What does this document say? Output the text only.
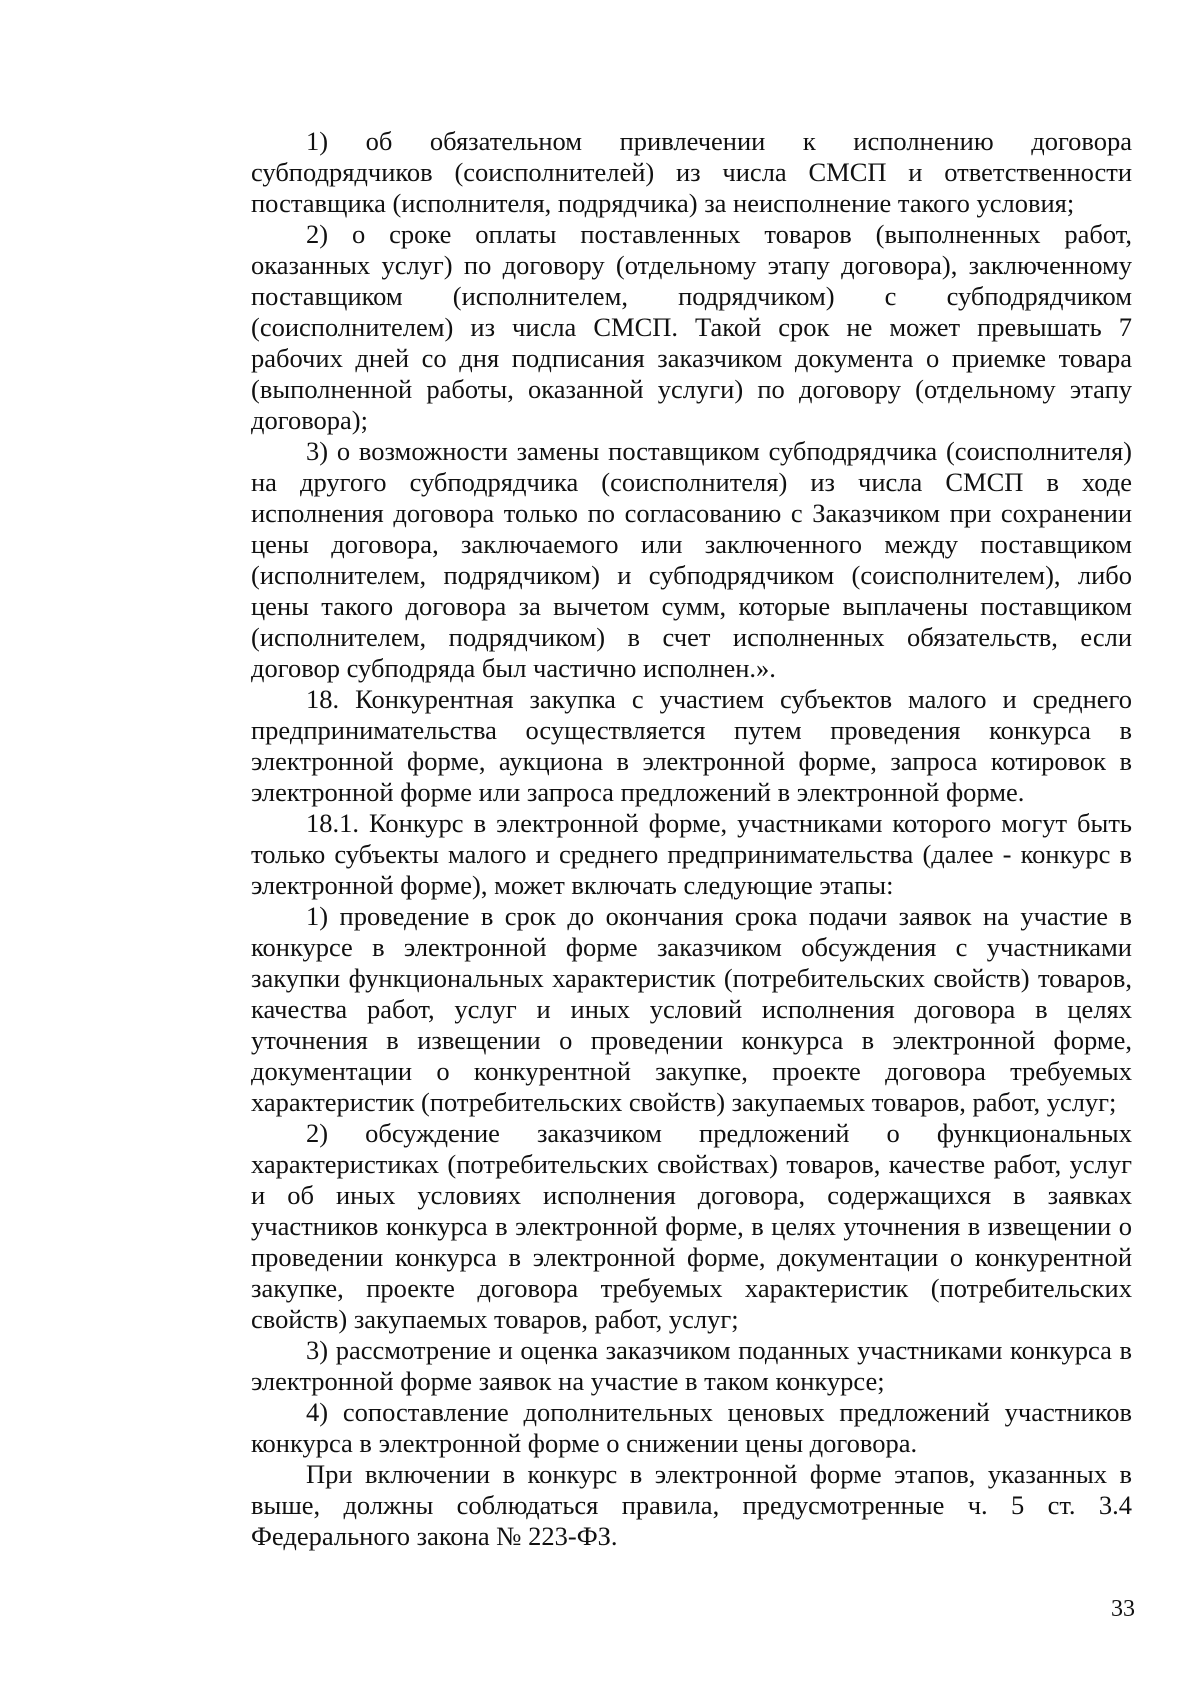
1) об обязательном привлечении к исполнению договора субподрядчиков (соисполнителей) из числа СМСП и ответственности поставщика (исполнителя, подрядчика) за неисполнение такого условия;

2) о сроке оплаты поставленных товаров (выполненных работ, оказанных услуг) по договору (отдельному этапу договора), заключенному поставщиком (исполнителем, подрядчиком) с субподрядчиком (соисполнителем) из числа СМСП. Такой срок не может превышать 7 рабочих дней со дня подписания заказчиком документа о приемке товара (выполненной работы, оказанной услуги) по договору (отдельному этапу договора);

3) о возможности замены поставщиком субподрядчика (соисполнителя) на другого субподрядчика (соисполнителя) из числа СМСП в ходе исполнения договора только по согласованию с Заказчиком при сохранении цены договора, заключаемого или заключенного между поставщиком (исполнителем, подрядчиком) и субподрядчиком (соисполнителем), либо цены такого договора за вычетом сумм, которые выплачены поставщиком (исполнителем, подрядчиком) в счет исполненных обязательств, если договор субподряда был частично исполнен.».

18. Конкурентная закупка с участием субъектов малого и среднего предпринимательства осуществляется путем проведения конкурса в электронной форме, аукциона в электронной форме, запроса котировок в электронной форме или запроса предложений в электронной форме.

18.1. Конкурс в электронной форме, участниками которого могут быть только субъекты малого и среднего предпринимательства (далее - конкурс в электронной форме), может включать следующие этапы:

1) проведение в срок до окончания срока подачи заявок на участие в конкурсе в электронной форме заказчиком обсуждения с участниками закупки функциональных характеристик (потребительских свойств) товаров, качества работ, услуг и иных условий исполнения договора в целях уточнения в извещении о проведении конкурса в электронной форме, документации о конкурентной закупке, проекте договора требуемых характеристик (потребительских свойств) закупаемых товаров, работ, услуг;

2) обсуждение заказчиком предложений о функциональных характеристиках (потребительских свойствах) товаров, качестве работ, услуг и об иных условиях исполнения договора, содержащихся в заявках участников конкурса в электронной форме, в целях уточнения в извещении о проведении конкурса в электронной форме, документации о конкурентной закупке, проекте договора требуемых характеристик (потребительских свойств) закупаемых товаров, работ, услуг;

3) рассмотрение и оценка заказчиком поданных участниками конкурса в электронной форме заявок на участие в таком конкурсе;

4) сопоставление дополнительных ценовых предложений участников конкурса в электронной форме о снижении цены договора.

При включении в конкурс в электронной форме этапов, указанных в выше, должны соблюдаться правила, предусмотренные ч. 5 ст. 3.4 Федерального закона № 223-ФЗ.

33
